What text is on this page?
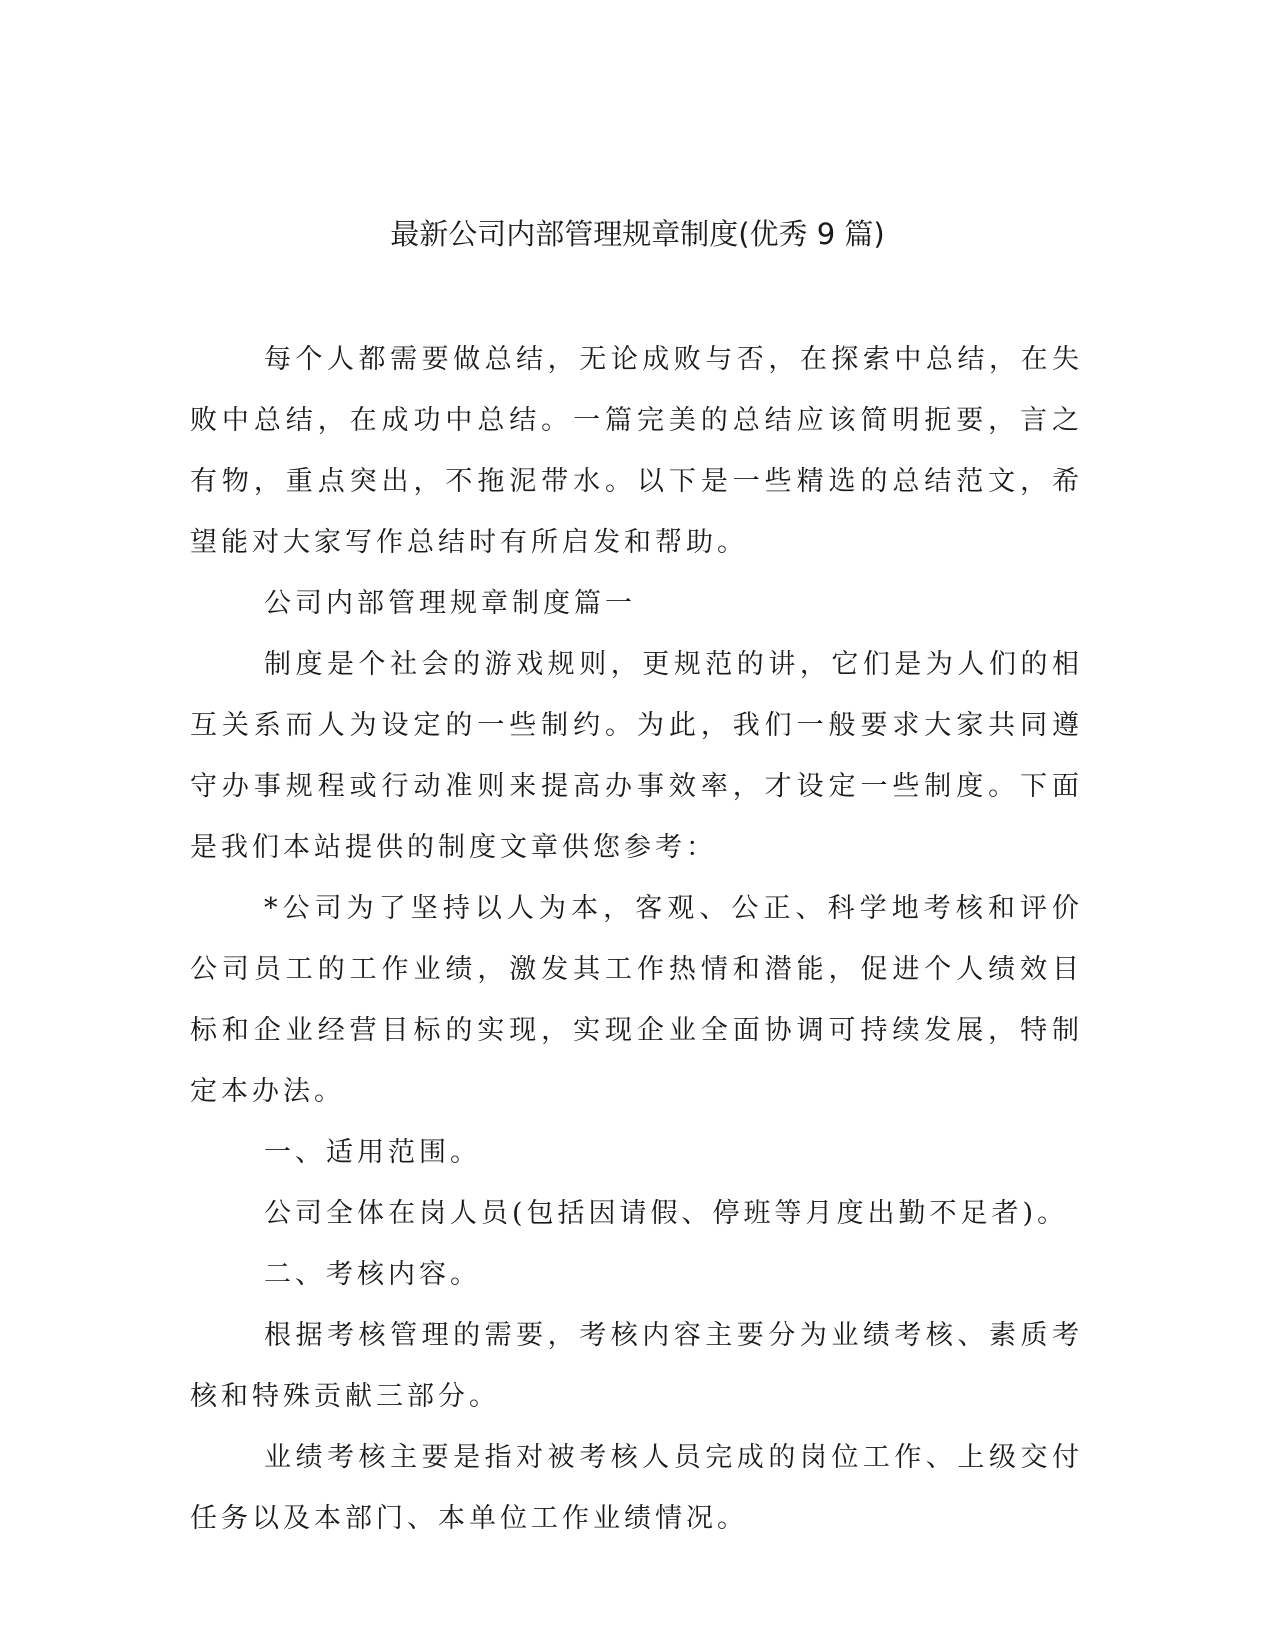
最新公司内部管理规章制度(优秀 9 篇)

每个人都需要做总结，无论成败与否，在探索中总结，在失败中总结，在成功中总结。一篇完美的总结应该简明扼要，言之有物，重点突出，不拖泥带水。以下是一些精选的总结范文，希望能对大家写作总结时有所启发和帮助。

公司内部管理规章制度篇一

制度是个社会的游戏规则，更规范的讲，它们是为人们的相互关系而人为设定的一些制约。为此，我们一般要求大家共同遵守办事规程或行动准则来提高办事效率，才设定一些制度。下面是我们本站提供的制度文章供您参考：

*公司为了坚持以人为本，客观、公正、科学地考核和评价公司员工的工作业绩，激发其工作热情和潜能，促进个人绩效目标和企业经营目标的实现，实现企业全面协调可持续发展，特制定本办法。

一、适用范围。

公司全体在岗人员(包括因请假、停班等月度出勤不足者)。

二、考核内容。

根据考核管理的需要，考核内容主要分为业绩考核、素质考核和特殊贡献三部分。

业绩考核主要是指对被考核人员完成的岗位工作、上级交付任务以及本部门、本单位工作业绩情况。
